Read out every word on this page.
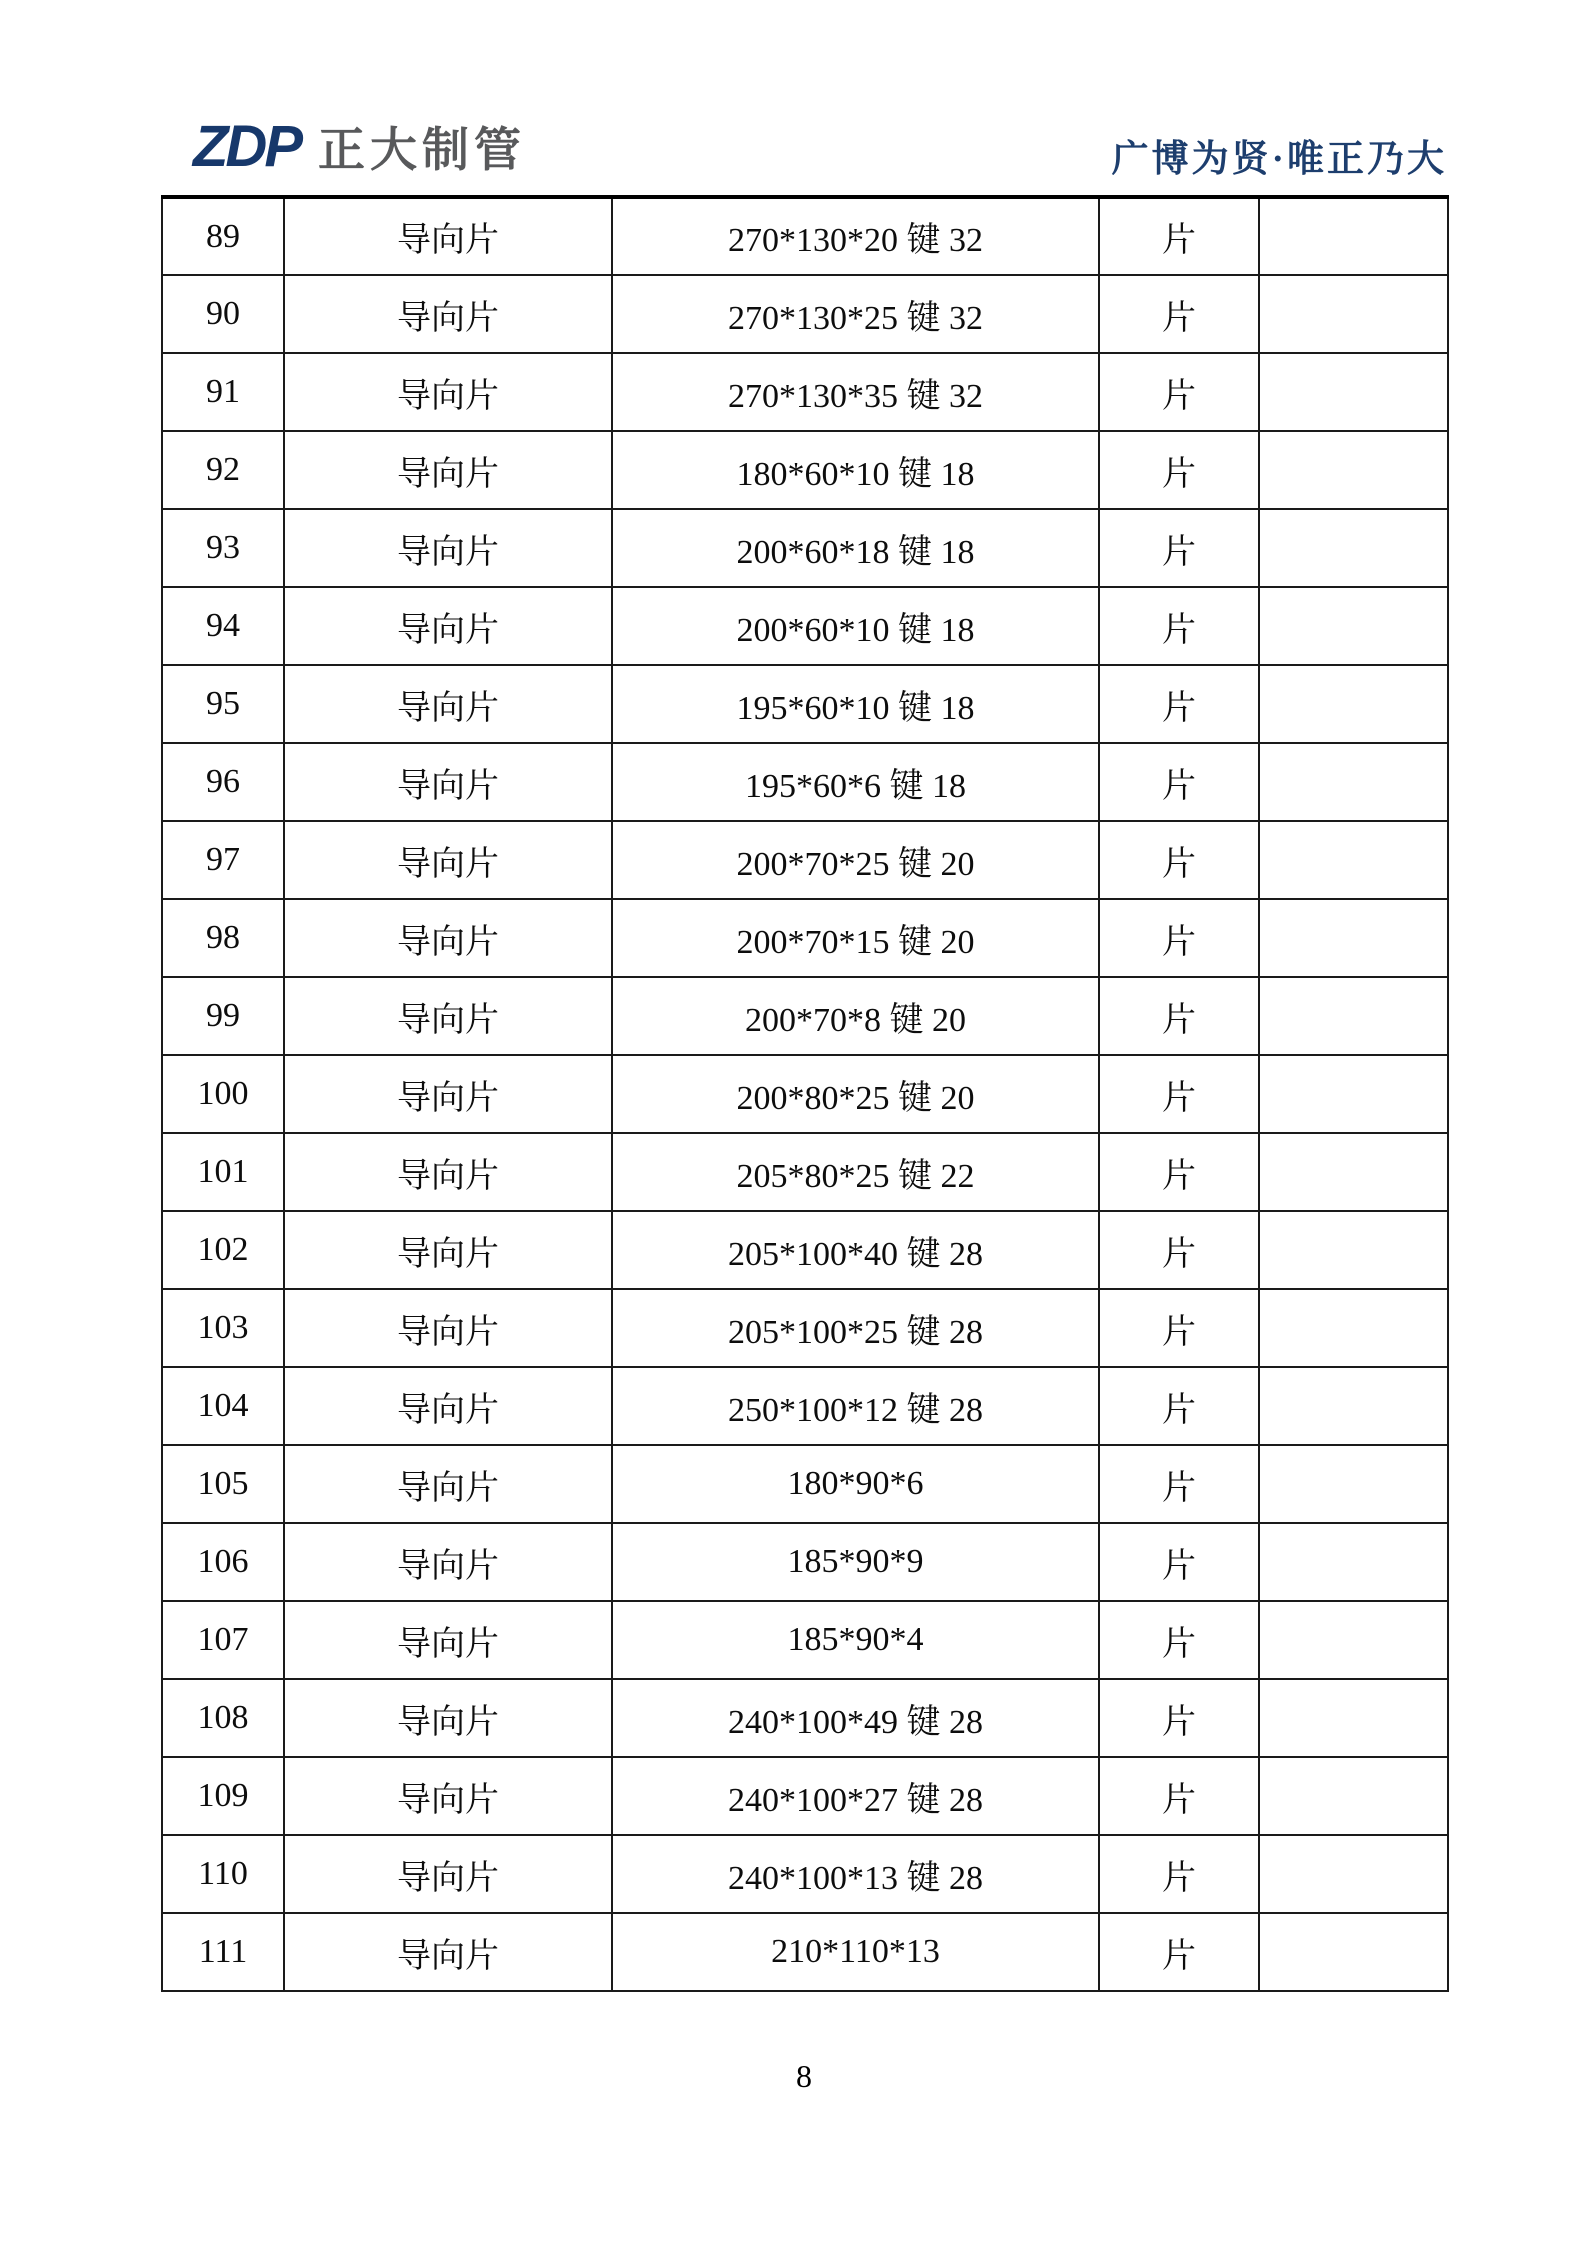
ZDP 正大制管	广博为贤·唯正乃大
89	导向片	270*130*20 键 32	片	
90	导向片	270*130*25 键 32	片	
91	导向片	270*130*35 键 32	片	
92	导向片	180*60*10 键 18	片	
93	导向片	200*60*18 键 18	片	
94	导向片	200*60*10 键 18	片	
95	导向片	195*60*10 键 18	片	
96	导向片	195*60*6 键 18	片	
97	导向片	200*70*25 键 20	片	
98	导向片	200*70*15 键 20	片	
99	导向片	200*70*8 键 20	片	
100	导向片	200*80*25 键 20	片	
101	导向片	205*80*25 键 22	片	
102	导向片	205*100*40 键 28	片	
103	导向片	205*100*25 键 28	片	
104	导向片	250*100*12 键 28	片	
105	导向片	180*90*6	片	
106	导向片	185*90*9	片	
107	导向片	185*90*4	片	
108	导向片	240*100*49 键 28	片	
109	导向片	240*100*27 键 28	片	
110	导向片	240*100*13 键 28	片	
111	导向片	210*110*13	片	
8
